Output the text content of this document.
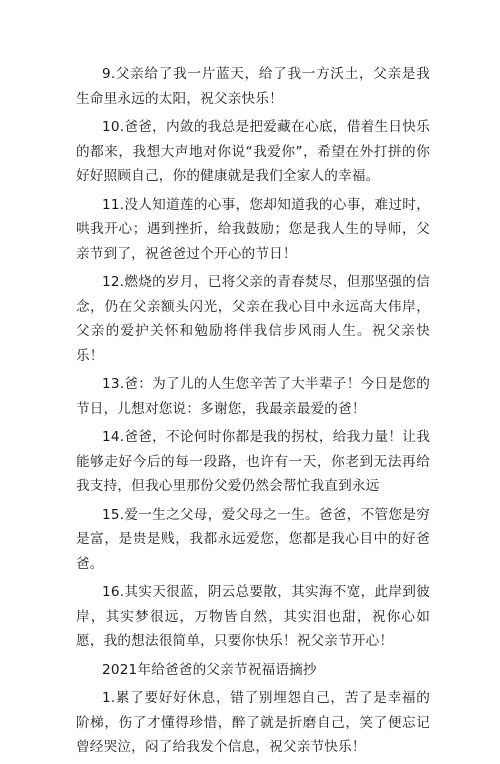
9.父亲给了我一片蓝天，给了我一方沃土，父亲是我生命里永远的太阳，祝父亲快乐！

10.爸爸，内敛的我总是把爱藏在心底，借着生日快乐的都来，我想大声地对你说“我爱你”，希望在外打拼的你好好照顾自己，你的健康就是我们全家人的幸福。

11.没人知道莲的心事，您却知道我的心事，难过时，哄我开心；遇到挫折，给我鼓励；您是我人生的导师，父亲节到了，祝爸爸过个开心的节日！

12.燃烧的岁月，已将父亲的青春焚尽，但那坚强的信念，仍在父亲额头闪光，父亲在我心目中永远高大伟岸，父亲的爱护关怀和勉励将伴我信步风雨人生。祝父亲快乐！

13.爸：为了儿的人生您辛苦了大半辈子！今日是您的节日，儿想对您说：多谢您，我最亲最爱的爸！

14.爸爸，不论何时你都是我的拐杖，给我力量！让我能够走好今后的每一段路，也许有一天，你老到无法再给我支持，但我心里那份父爱仍然会帮忙我直到永远

15.爱一生之父母，爱父母之一生。爸爸，不管您是穷是富，是贵是贱，我都永远爱您，您都是我心目中的好爸爸。

16.其实天很蓝，阴云总要散，其实海不宽，此岸到彼岸，其实梦很远，万物皆自然，其实泪也甜，祝你心如愿，我的想法很简单，只要你快乐！祝父亲节开心！

2021年给爸爸的父亲节祝福语摘抄

1.累了要好好休息，错了别埋怨自己，苦了是幸福的阶梯，伤了才懂得珍惜，醉了就是折磨自己，笑了便忘记曾经哭泣，闷了给我发个信息，祝父亲节快乐！
